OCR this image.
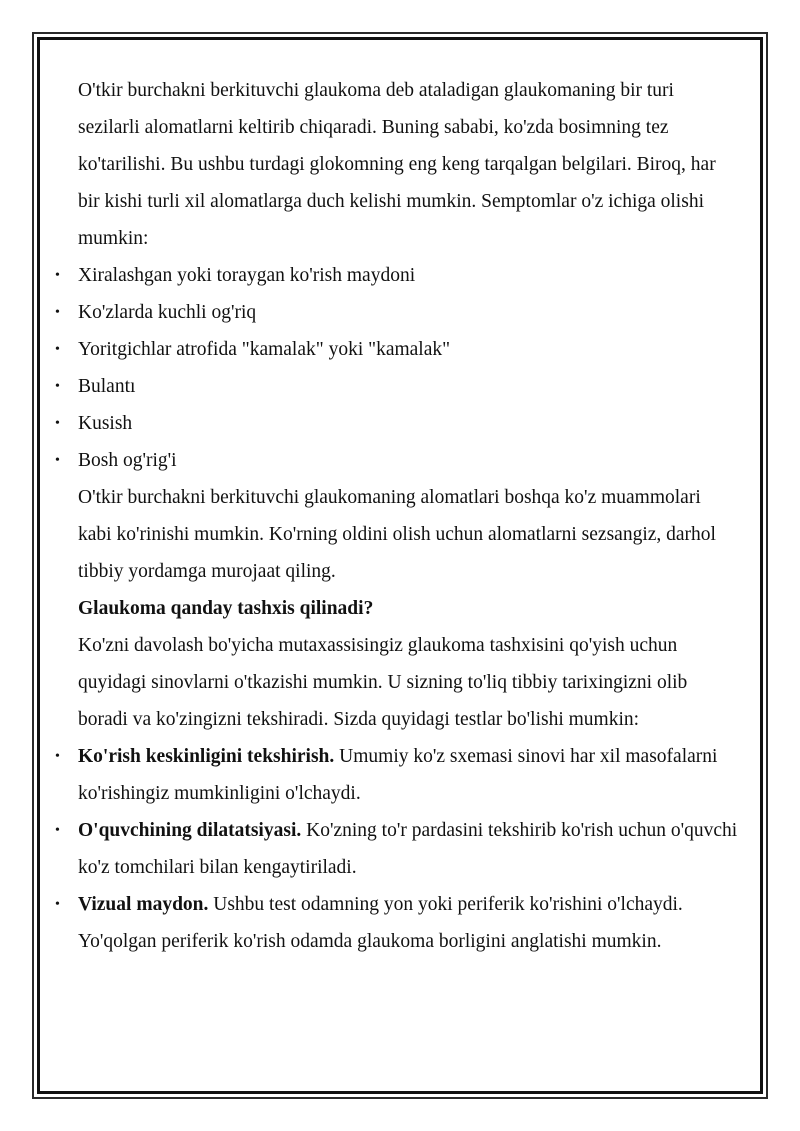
O'tkir burchakni berkituvchi glaukoma deb ataladigan glaukomaning bir turi sezilarli alomatlarni keltirib chiqaradi. Buning sababi, ko'zda bosimning tez ko'tarilishi. Bu ushbu turdagi glokomning eng keng tarqalgan belgilari. Biroq, har bir kishi turli xil alomatlarga duch kelishi mumkin. Semptomlar o'z ichiga olishi mumkin:

• Xiralashgan yoki toraygan ko'rish maydoni
• Ko'zlarda kuchli og'riq
• Yoritgichlar atrofida "kamalak" yoki "kamalak"
• Bulantı
• Kusish
• Bosh og'rig'i

O'tkir burchakni berkituvchi glaukomaning alomatlari boshqa ko'z muammolari kabi ko'rinishi mumkin. Ko'rning oldini olish uchun alomatlarni sezsangiz, darhol tibbiy yordamga murojaat qiling.

Glaukoma qanday tashxis qilinadi?

Ko'zni davolash bo'yicha mutaxassisingiz glaukoma tashxisini qo'yish uchun quyidagi sinovlarni o'tkazishi mumkin. U sizning to'liq tibbiy tarixingizni olib boradi va ko'zingizni tekshiradi. Sizda quyidagi testlar bo'lishi mumkin:

• Ko'rish keskinligini tekshirish. Umumiy ko'z sxemasi sinovi har xil masofalarni ko'rishingiz mumkinligini o'lchaydi.
• O'quvchining dilatatsiyasi. Ko'zning to'r pardasini tekshirib ko'rish uchun o'quvchi ko'z tomchilari bilan kengaytiriladi.
• Vizual maydon. Ushbu test odamning yon yoki periferik ko'rishini o'lchaydi. Yo'qolgan periferik ko'rish odamda glaukoma borligini anglatishi mumkin.
